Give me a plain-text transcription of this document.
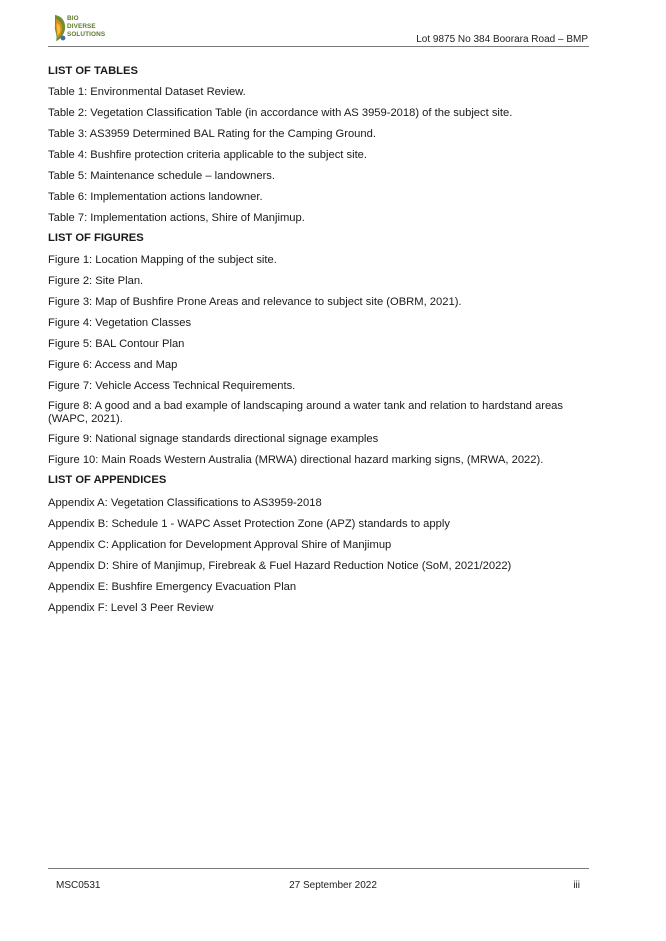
BIO
DIVERSE
SOLUTIONS	Lot 9875 No 384 Boorara Road – BMP

LIST OF TABLES

Table 1: Environmental Dataset Review.

Table 2: Vegetation Classification Table (in accordance with AS 3959-2018) of the subject site.

Table 3: AS3959 Determined BAL Rating for the Camping Ground.

Table 4: Bushfire protection criteria applicable to the subject site.

Table 5: Maintenance schedule – landowners.

Table 6: Implementation actions landowner.

Table 7: Implementation actions, Shire of Manjimup.

LIST OF FIGURES

Figure 1: Location Mapping of the subject site.

Figure 2: Site Plan.

Figure 3: Map of Bushfire Prone Areas and relevance to subject site (OBRM, 2021).

Figure 4: Vegetation Classes

Figure 5: BAL Contour Plan

Figure 6: Access and Map

Figure 7: Vehicle Access Technical Requirements.

Figure 8: A good and a bad example of landscaping around a water tank and relation to hardstand areas (WAPC, 2021).

Figure 9: National signage standards directional signage examples

Figure 10: Main Roads Western Australia (MRWA) directional hazard marking signs, (MRWA, 2022).

LIST OF APPENDICES

Appendix A: Vegetation Classifications to AS3959-2018

Appendix B: Schedule 1 - WAPC Asset Protection Zone (APZ) standards to apply

Appendix C: Application for Development Approval Shire of Manjimup

Appendix D: Shire of Manjimup, Firebreak & Fuel Hazard Reduction Notice (SoM, 2021/2022)

Appendix E: Bushfire Emergency Evacuation Plan

Appendix F: Level 3 Peer Review

MSC0531	27 September 2022	iii
